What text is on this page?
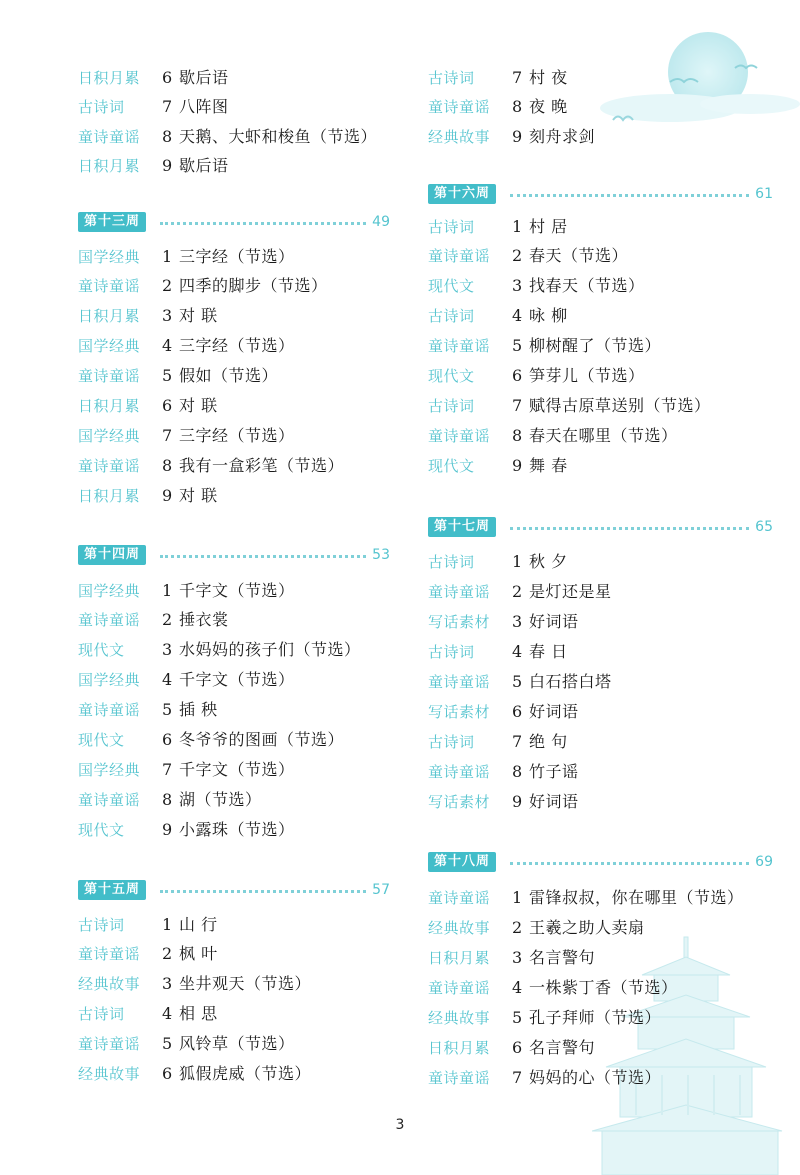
日积月累 6 歇后语
古诗词 7 八阵图
童诗童谣 8 天鹅、大虾和梭鱼（节选）
日积月累 9 歇后语
第十三周	49
国学经典 1 三字经（节选）
童诗童谣 2 四季的脚步（节选）
日积月累 3 对 联
国学经典 4 三字经（节选）
童诗童谣 5 假如（节选）
日积月累 6 对 联
国学经典 7 三字经（节选）
童诗童谣 8 我有一盒彩笔（节选）
日积月累 9 对 联
第十四周	53
国学经典 1 千字文（节选）
童诗童谣 2 捶衣裳
现代文 3 水妈妈的孩子们（节选）
国学经典 4 千字文（节选）
童诗童谣 5 插 秧
现代文 6 冬爷爷的图画（节选）
国学经典 7 千字文（节选）
童诗童谣 8 湖（节选）
现代文 9 小露珠（节选）
第十五周	57
古诗词 1 山 行
童诗童谣 2 枫 叶
经典故事 3 坐井观天（节选）
古诗词 4 相 思
童诗童谣 5 风铃草（节选）
经典故事 6 狐假虎威（节选）
古诗词 7 村 夜
童诗童谣 8 夜 晚
经典故事 9 刻舟求剑
第十六周	61
古诗词 1 村 居
童诗童谣 2 春天（节选）
现代文 3 找春天（节选）
古诗词 4 咏 柳
童诗童谣 5 柳树醒了（节选）
现代文 6 笋芽儿（节选）
古诗词 7 赋得古原草送别（节选）
童诗童谣 8 春天在哪里（节选）
现代文 9 舞 春
第十七周	65
古诗词 1 秋 夕
童诗童谣 2 是灯还是星
写话素材 3 好词语
古诗词 4 春 日
童诗童谣 5 白石搭白塔
写话素材 6 好词语
古诗词 7 绝 句
童诗童谣 8 竹子谣
写话素材 9 好词语
第十八周	69
童诗童谣 1 雷锋叔叔，你在哪里（节选）
经典故事 2 王羲之助人卖扇
日积月累 3 名言警句
童诗童谣 4 一株紫丁香（节选）
经典故事 5 孔子拜师（节选）
日积月累 6 名言警句
童诗童谣 7 妈妈的心（节选）
3
